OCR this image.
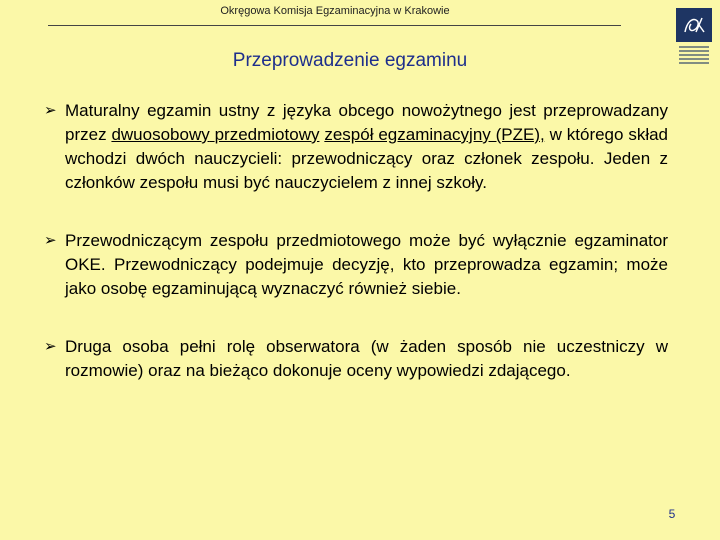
Okręgowa Komisja Egzaminacyjna w Krakowie
Przeprowadzenie egzaminu
➢ Maturalny egzamin ustny z języka obcego nowożytnego jest przeprowadzany przez dwuosobowy przedmiotowy zespół egzaminacyjny (PZE), w którego skład wchodzi dwóch nauczycieli: przewodniczący oraz członek zespołu. Jeden z członków zespołu musi być nauczycielem z innej szkoły.
➢ Przewodniczącym zespołu przedmiotowego może być wyłącznie egzaminator OKE. Przewodniczący podejmuje decyzję, kto przeprowadza egzamin; może jako osobę egzaminującą wyznaczyć również siebie.
➢ Druga osoba pełni rolę obserwatora (w żaden sposób nie uczestniczy w rozmowie) oraz na bieżąco dokonuje oceny wypowiedzi zdającego.
5
